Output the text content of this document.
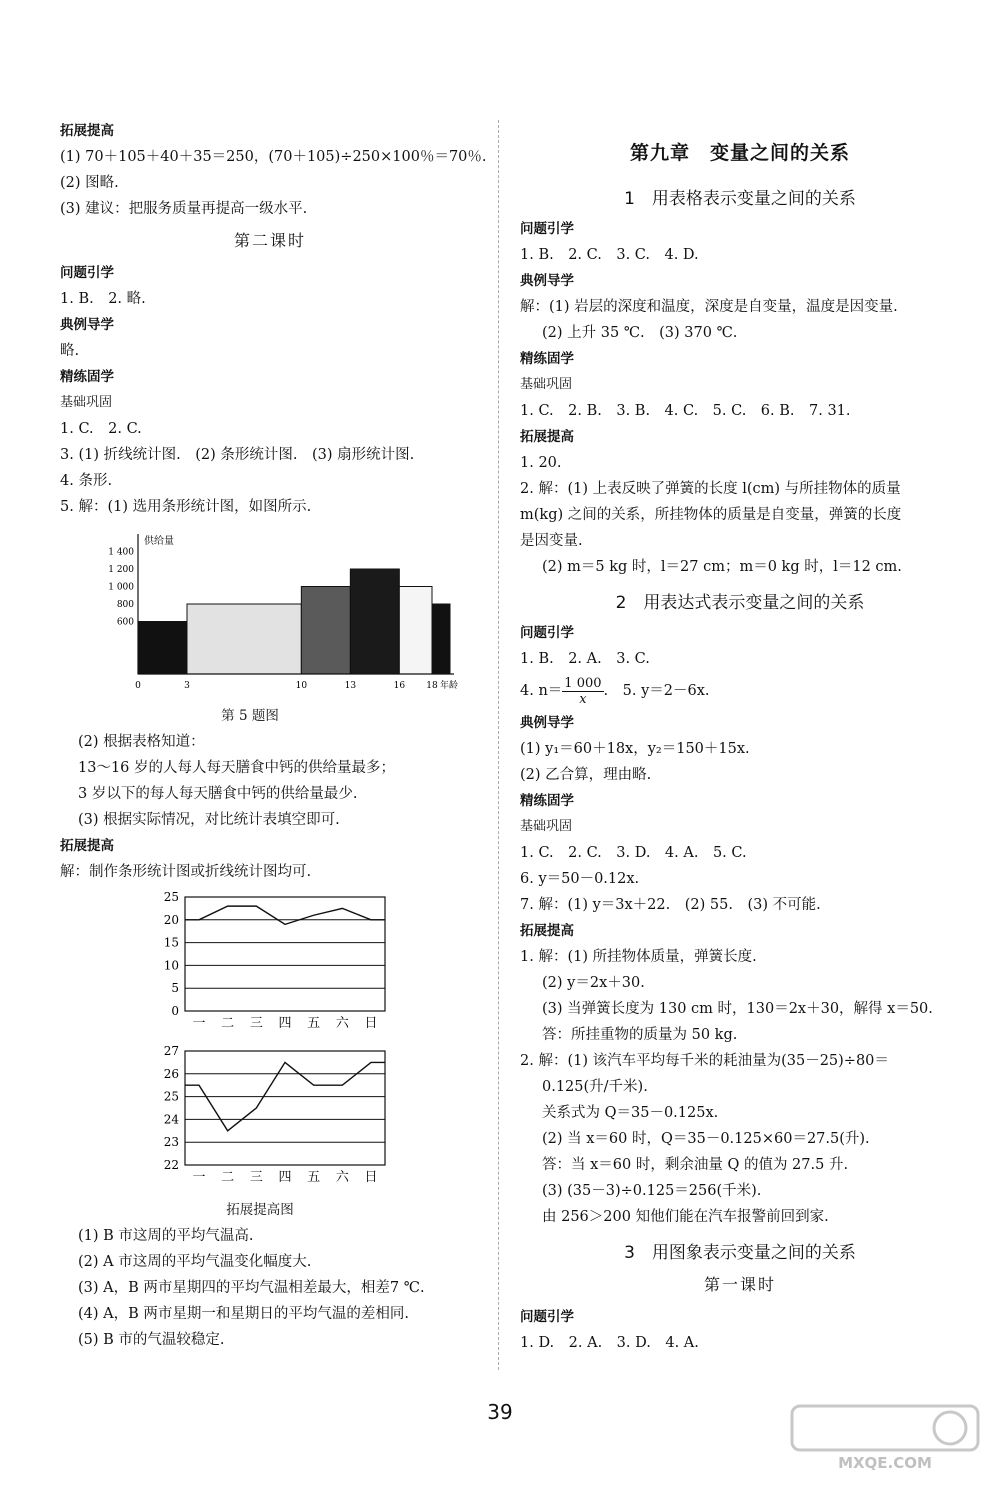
拓展提高
(1) 70＋105＋40＋35＝250，(70＋105)÷250×100％＝70％.
(2) 图略.
(3) 建议：把服务质量再提高一级水平.
第二课时
问题引学
1. B.　2. 略.
典例导学
略.
精练固学
基础巩固
1. C.　2. C.
3. (1) 折线统计图.　(2) 条形统计图.　(3) 扇形统计图.
4. 条形.
5. 解：(1) 选用条形统计图，如图所示.
供给量
600
800
1 000
1 200
1 400
0	3	10	13	16 18 年龄
第 5 题图
(2) 根据表格知道：
13～16 岁的人每人每天膳食中钙的供给量最多；
3 岁以下的每人每天膳食中钙的供给量最少.
(3) 根据实际情况，对比统计表填空即可.
拓展提高
解：制作条形统计图或折线统计图均可.
0
5
10
15
20
25
一 二 三 四 五 六 日
22
23
24
25
26
27
一 二 三 四 五 六 日
拓展提高图
(1) B 市这周的平均气温高.
(2) A 市这周的平均气温变化幅度大.
(3) A，B 两市星期四的平均气温相差最大，相差7 ℃.
(4) A，B 两市星期一和星期日的平均气温的差相同.
(5) B 市的气温较稳定.
第九章　变量之间的关系
1　用表格表示变量之间的关系
问题引学
1. B.　2. C.　3. C.　4. D.
典例导学
解：(1) 岩层的深度和温度，深度是自变量，温度是因变量.
(2) 上升 35 ℃.　(3) 370 ℃.
精练固学
基础巩固
1. C.　2. B.　3. B.　4. C.　5. C.　6. B.　7. 31.
拓展提高
1. 20.
2. 解：(1) 上表反映了弹簧的长度 l(cm) 与所挂物体的质量
m(kg) 之间的关系，所挂物体的质量是自变量，弹簧的长度
是因变量.
(2) m＝5 kg 时，l＝27 cm；m＝0 kg 时，l＝12 cm.
2　用表达式表示变量之间的关系
问题引学
1. B.　2. A.　3. C.
4. $n= \frac{1 000}{x}$ .　5. y＝2－6x.
典例导学
(1) y₁＝60＋18x，y₂＝150＋15x.
(2) 乙合算，理由略.
精练固学
基础巩固
1. C.　2. C.　3. D.　4. A.　5. C.
6. y＝50－0.12x.
7. 解：(1) y＝3x＋22.　(2) 55.　(3) 不可能.
拓展提高
1. 解：(1) 所挂物体质量，弹簧长度.
(2) y＝2x＋30.
(3) 当弹簧长度为 130 cm 时，130＝2x＋30，解得 x＝50.
答：所挂重物的质量为 50 kg.
2. 解：(1) 该汽车平均每千米的耗油量为(35－25)÷80＝
0.125(升/千米).
关系式为 Q＝35－0.125x.
(2) 当 x＝60 时，Q＝35－0.125×60＝27.5(升).
答：当 x＝60 时，剩余油量 Q 的值为 27.5 升.
(3) (35－3)÷0.125＝256(千米).
由 256＞200 知他们能在汽车报警前回到家.
3　用图象表示变量之间的关系
第一课时
问题引学
1. D.　2. A.　3. D.　4. A.
39
MXQE.COM
